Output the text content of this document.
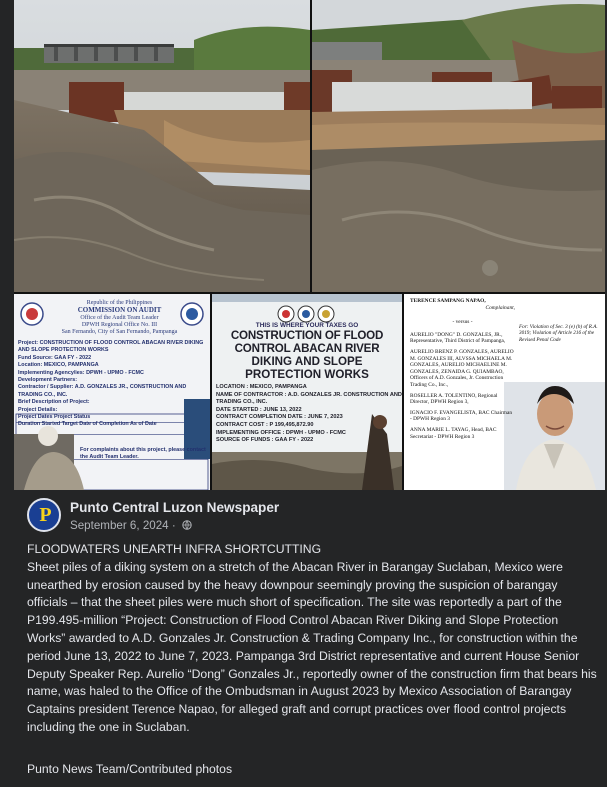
Republic of the Philippines
COMMISSION ON AUDIT
Office of the Audit Team Leader
DPWH Regional Office No. III
San Fernando, City of San Fernando, Pampanga
Project: CONSTRUCTION OF FLOOD CONTROL ABACAN RIVER DIKING AND SLOPE PROTECTION WORKS
Fund Source: GAA FY - 2022
Location: MEXICO, PAMPANGA
Implementing Agency/ies: DPWH - UPMO - FCMC
Development Partners:
Contractor / Supplier: A.D. GONZALES JR., CONSTRUCTION AND TRADING CO., INC.
Brief Description of Project:
Project Details:
Project Dates Project Status
Duration Started Target Date of Completion As of Date
For complaints about this project, please contact the Audit Team Leader.
THIS IS WHERE YOUR TAXES GO
CONSTRUCTION OF FLOOD CONTROL ABACAN RIVER
DIKING AND SLOPE PROTECTION WORKS
LOCATION : MEXICO, PAMPANGA
NAME OF CONTRACTOR : A.D. GONZALES JR. CONSTRUCTION AND TRADING CO., INC.
DATE STARTED : JUNE 13, 2022
CONTRACT COMPLETION DATE : JUNE 7, 2023
CONTRACT COST : P 199,495,872.90
IMPLEMENTING OFFICE : DPWH - UPMO - FCMC
SOURCE OF FUNDS : GAA FY - 2022
TERENCE SAMPANG NAPAO,
Complainant,
- versus -
AURELIO "DONG" D. GONZALES, JR., Representative, Third District of Pampanga,
AURELIO BRENZ P. GONZALES, AURELIO M. GONZALES III, ALVSSA MICHAELA M. GONZALES, AURELIO MICHAELINE M. GONZALES, ZENAIDA G. QUIAMBAO, Officers of A.D. Gonzales, Jr. Construction Trading Co., Inc.,
ROSELLER A. TOLENTINO, Regional Director, DPWH Region 3,
IGNACIO F. EVANGELISTA, BAC Chairman - DPWH Region 3
ANNA MARIE L. TAYAG, Head, BAC Secretariat - DPWH Region 3
For: Violation of Sec. 3 (e) (h) of R.A. 3019; Violation of Article 216 of the Revised Penal Code
P Punto Central Luzon Newspaper
September 6, 2024 ·
FLOODWATERS UNEARTH INFRA SHORTCUTTING
Sheet piles of a diking system on a stretch of the Abacan River in Barangay Suclaban, Mexico were unearthed by erosion caused by the heavy downpour seemingly proving the suspicion of barangay officials – that the sheet piles were much short of specification. The site was reportedly a part of the P199.495-million “Project: Construction of Flood Control Abacan River Diking and Slope Protection Works” awarded to A.D. Gonzales Jr. Construction & Trading Company Inc., for construction within the period June 13, 2022 to June 7, 2023. Pampanga 3rd District representative and current House Senior Deputy Speaker Rep. Aurelio “Dong” Gonzales Jr., reportedly owner of the construction firm that bears his name, was haled to the Office of the Ombudsman in August 2023 by Mexico Association of Barangay Captains president Terence Napao, for alleged graft and corrupt practices over flood control projects including the one in Suclaban.
Punto News Team/Contributed photos
